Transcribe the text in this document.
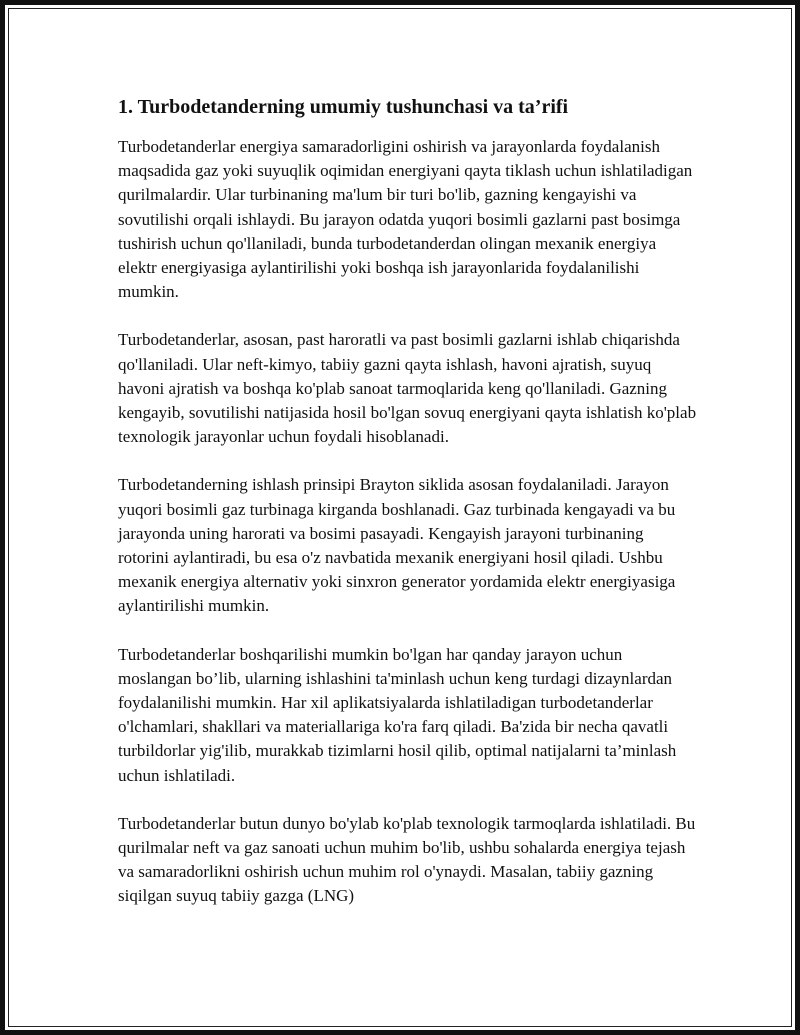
1. Turbodetanderning umumiy tushunchasi va ta’rifi

Turbodetanderlar energiya samaradorligini oshirish va jarayonlarda foydalanish maqsadida gaz yoki suyuqlik oqimidan energiyani qayta tiklash uchun ishlatiladigan qurilmalardir. Ular turbinaning ma'lum bir turi bo'lib, gazning kengayishi va sovutilishi orqali ishlaydi. Bu jarayon odatda yuqori bosimli gazlarni past bosimga tushirish uchun qo'llaniladi, bunda turbodetanderdan olingan mexanik energiya elektr energiyasiga aylantirilishi yoki boshqa ish jarayonlarida foydalanilishi mumkin.

Turbodetanderlar, asosan, past haroratli va past bosimli gazlarni ishlab chiqarishda qo'llaniladi. Ular neft-kimyo, tabiiy gazni qayta ishlash, havoni ajratish, suyuq havoni ajratish va boshqa ko'plab sanoat tarmoqlarida keng qo'llaniladi. Gazning kengayib, sovutilishi natijasida hosil bo'lgan sovuq energiyani qayta ishlatish ko'plab texnologik jarayonlar uchun foydali hisoblanadi.

Turbodetanderning ishlash prinsipi Brayton siklida asosan foydalaniladi. Jarayon yuqori bosimli gaz turbinaga kirganda boshlanadi. Gaz turbinada kengayadi va bu jarayonda uning harorati va bosimi pasayadi. Kengayish jarayoni turbinaning rotorini aylantiradi, bu esa o'z navbatida mexanik energiyani hosil qiladi. Ushbu mexanik energiya alternativ yoki sinxron generator yordamida elektr energiyasiga aylantirilishi mumkin.

Turbodetanderlar boshqarilishi mumkin bo'lgan har qanday jarayon uchun moslangan bo’lib, ularning ishlashini ta'minlash uchun keng turdagi dizaynlardan foydalanilishi mumkin. Har xil aplikatsiyalarda ishlatiladigan turbodetanderlar o'lchamlari, shakllari va materiallariga ko'ra farq qiladi. Ba'zida bir necha qavatli turbildorlar yig'ilib, murakkab tizimlarni hosil qilib, optimal natijalarni ta’minlash uchun ishlatiladi.

Turbodetanderlar butun dunyo bo'ylab ko'plab texnologik tarmoqlarda ishlatiladi. Bu qurilmalar neft va gaz sanoati uchun muhim bo'lib, ushbu sohalarda energiya tejash va samaradorlikni oshirish uchun muhim rol o'ynaydi. Masalan, tabiiy gazning siqilgan suyuq tabiiy gazga (LNG)
